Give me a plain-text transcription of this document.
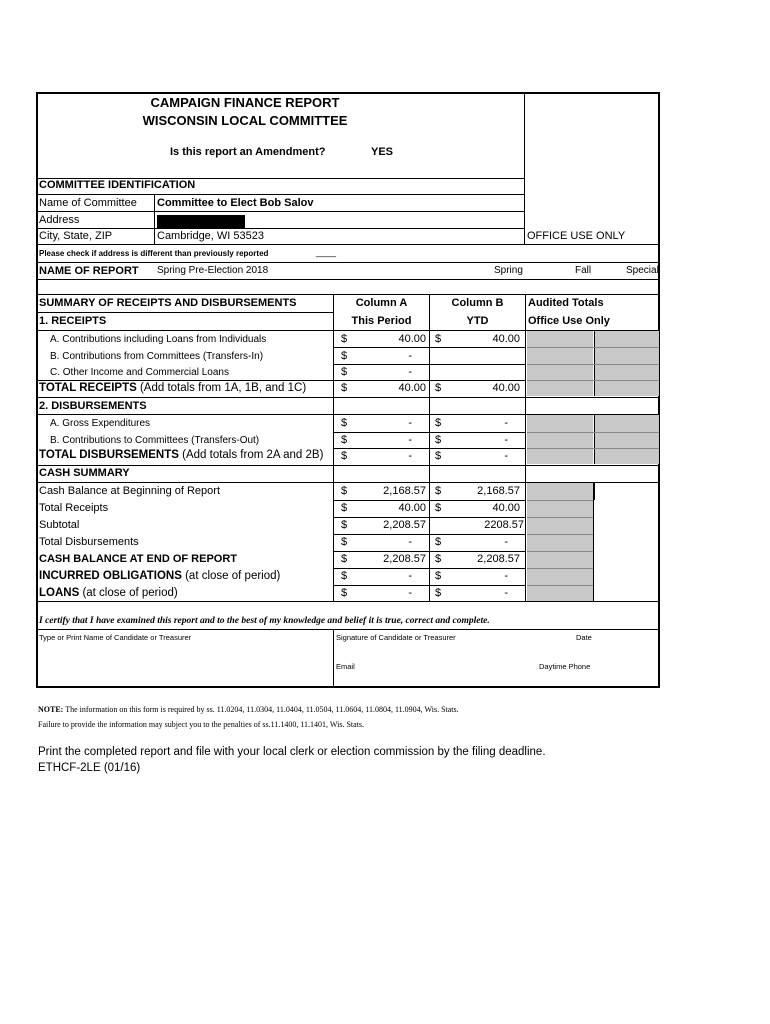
CAMPAIGN FINANCE REPORT
WISCONSIN LOCAL COMMITTEE
Is this report an Amendment?	YES
COMMITTEE IDENTIFICATION
Name of Committee Committee to Elect Bob Salov
Address
City, State, ZIP	Cambridge, WI 53523	OFFICE USE ONLY
Please check if address is different than previously reported	____
NAME OF REPORT Spring Pre-Election 2018	Spring	Fall	Special
SUMMARY OF RECEIPTS AND DISBURSEMENTS	Column A	Column B	Audited Totals
1. RECEIPTS	This Period	YTD	Office Use Only
A. Contributions including Loans from Individuals	$	40.00 $	40.00
B. Contributions from Committees (Transfers-In)	$	-
C. Other Income and Commercial Loans	$	-
TOTAL RECEIPTS (Add totals from 1A, 1B, and 1C)	$	40.00 $	40.00
2. DISBURSEMENTS
A. Gross Expenditures	$	- $	-
B. Contributions to Committees (Transfers-Out)	$	- $	-
TOTAL DISBURSEMENTS (Add totals from 2A and 2B) $	- $	-
CASH SUMMARY
Cash Balance at Beginning of Report	$	2,168.57 $	2,168.57
Total Receipts	$	40.00 $	40.00
Subtotal	$	2,208.57	2208.57
Total Disbursements	$	- $	-
CASH BALANCE AT END OF REPORT	$	2,208.57 $	2,208.57
INCURRED OBLIGATIONS (at close of period)	$	- $	-
LOANS (at close of period)	$	- $	-
I certify that I have examined this report and to the best of my knowledge and belief it is true, correct and complete.
Type or Print Name of Candidate or Treasurer	Signature of Candidate or Treasurer	Date
Email	Daytime Phone
NOTE: The information on this form is required by ss. 11.0204, 11.0304, 11.0404, 11.0504, 11.0604, 11.0804, 11.0904, Wis. Stats.
Failure to provide the information may subject you to the penalties of ss.11.1400, 11.1401, Wis. Stats.
Print the completed report and file with your local clerk or election commission by the filing deadline.
ETHCF-2LE (01/16)
